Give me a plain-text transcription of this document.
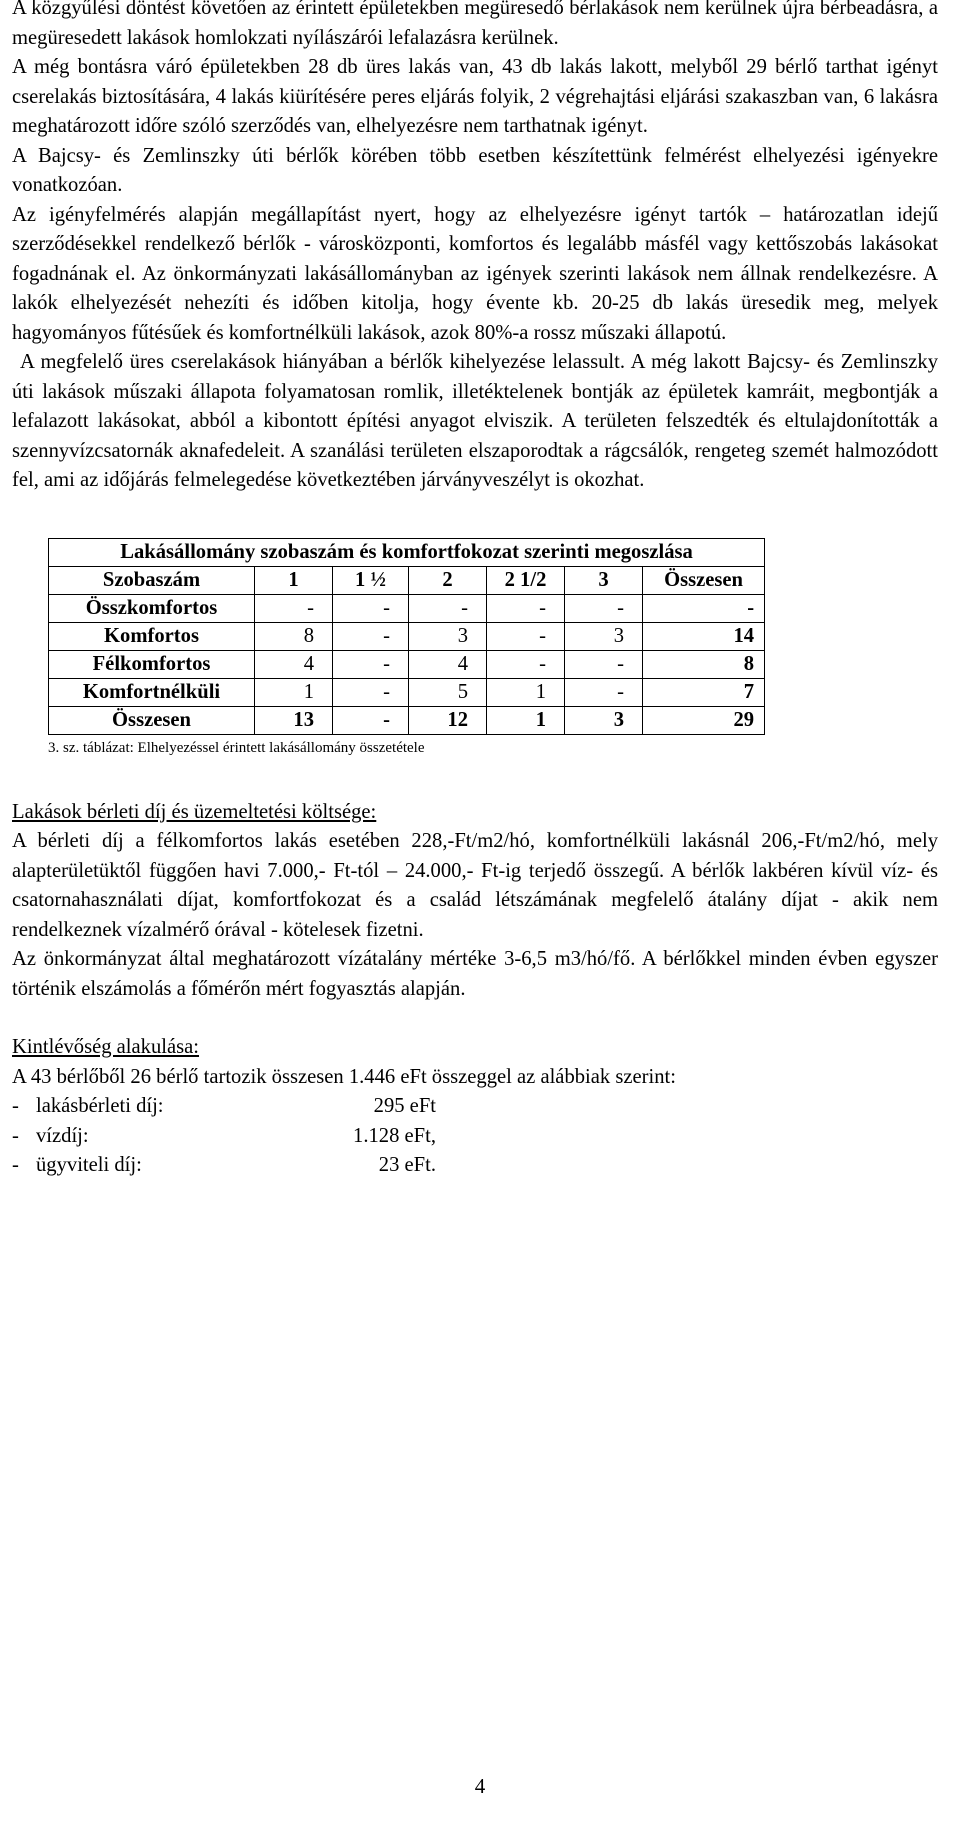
A közgyűlési döntést követően az érintett épületekben megüresedő bérlakások nem kerülnek újra bérbeadásra, a megüresedett lakások homlokzati nyílászárói lefalazásra kerülnek.

A még bontásra váró épületekben 28 db üres lakás van, 43 db lakás lakott, melyből 29 bérlő tarthat igényt cserelakás biztosítására, 4 lakás kiürítésére peres eljárás folyik, 2 végrehajtási eljárási szakaszban van, 6 lakásra meghatározott időre szóló szerződés van, elhelyezésre nem tarthatnak igényt.

A Bajcsy- és Zemlinszky úti bérlők körében több esetben készítettünk felmérést elhelyezési igényekre vonatkozóan.

Az igényfelmérés alapján megállapítást nyert, hogy az elhelyezésre igényt tartók – határozatlan idejű szerződésekkel rendelkező bérlők - városközponti, komfortos és legalább másfél vagy kettőszobás lakásokat fogadnának el. Az önkormányzati lakásállományban az igények szerinti lakások nem állnak rendelkezésre. A lakók elhelyezését nehezíti és időben kitolja, hogy évente kb. 20-25 db lakás üresedik meg, melyek hagyományos fűtésűek és komfortnélküli lakások, azok 80%-a rossz műszaki állapotú.

A megfelelő üres cserelakások hiányában a bérlők kihelyezése lelassult. A még lakott Bajcsy- és Zemlinszky úti lakások műszaki állapota folyamatosan romlik, illetéktelenek bontják az épületek kamráit, megbontják a lefalazott lakásokat, abból a kibontott építési anyagot elviszik. A területen felszedték és eltulajdonították a szennyvízcsatornák aknafedeleit. A szanálási területen elszaporodtak a rágcsálók, rengeteg szemét halmozódott fel, ami az időjárás felmelegedése következtében járványveszélyt is okozhat.

Lakásállomány szobaszám és komfortfokozat szerinti megoszlása						
Szobaszám	1	1 ½	2	2 1/2	3	Összesen
Összkomfortos	-	-	-	-	-	-
Komfortos	8	-	3	-	3	14
Félkomfortos	4	-	4	-	-	8
Komfortnélküli	1	-	5	1	-	7
Összesen	13	-	12	1	3	29

3. sz. táblázat: Elhelyezéssel érintett lakásállomány összetétele

Lakások bérleti díj és üzemeltetési költsége:

A bérleti díj a félkomfortos lakás esetében 228,-Ft/m2/hó, komfortnélküli lakásnál 206,-Ft/m2/hó, mely alapterületüktől függően havi 7.000,- Ft-tól – 24.000,- Ft-ig terjedő összegű. A bérlők lakbéren kívül víz- és csatornahasználati díjat, komfortfokozat és a család létszámának megfelelő átalány díjat - akik nem rendelkeznek vízalmérő órával - kötelesek fizetni.

Az önkormányzat által meghatározott vízátalány mértéke 3-6,5 m3/hó/fő. A bérlőkkel minden évben egyszer történik elszámolás a főmérőn mért fogyasztás alapján.

Kintlévőség alakulása:

A 43 bérlőből 26 bérlő tartozik összesen 1.446 eFt összeggel az alábbiak szerint:

- lakásbérleti díj:	295 eFt
- vízdíj:	1.128 eFt,
- ügyviteli díj:	23 eFt.
4
